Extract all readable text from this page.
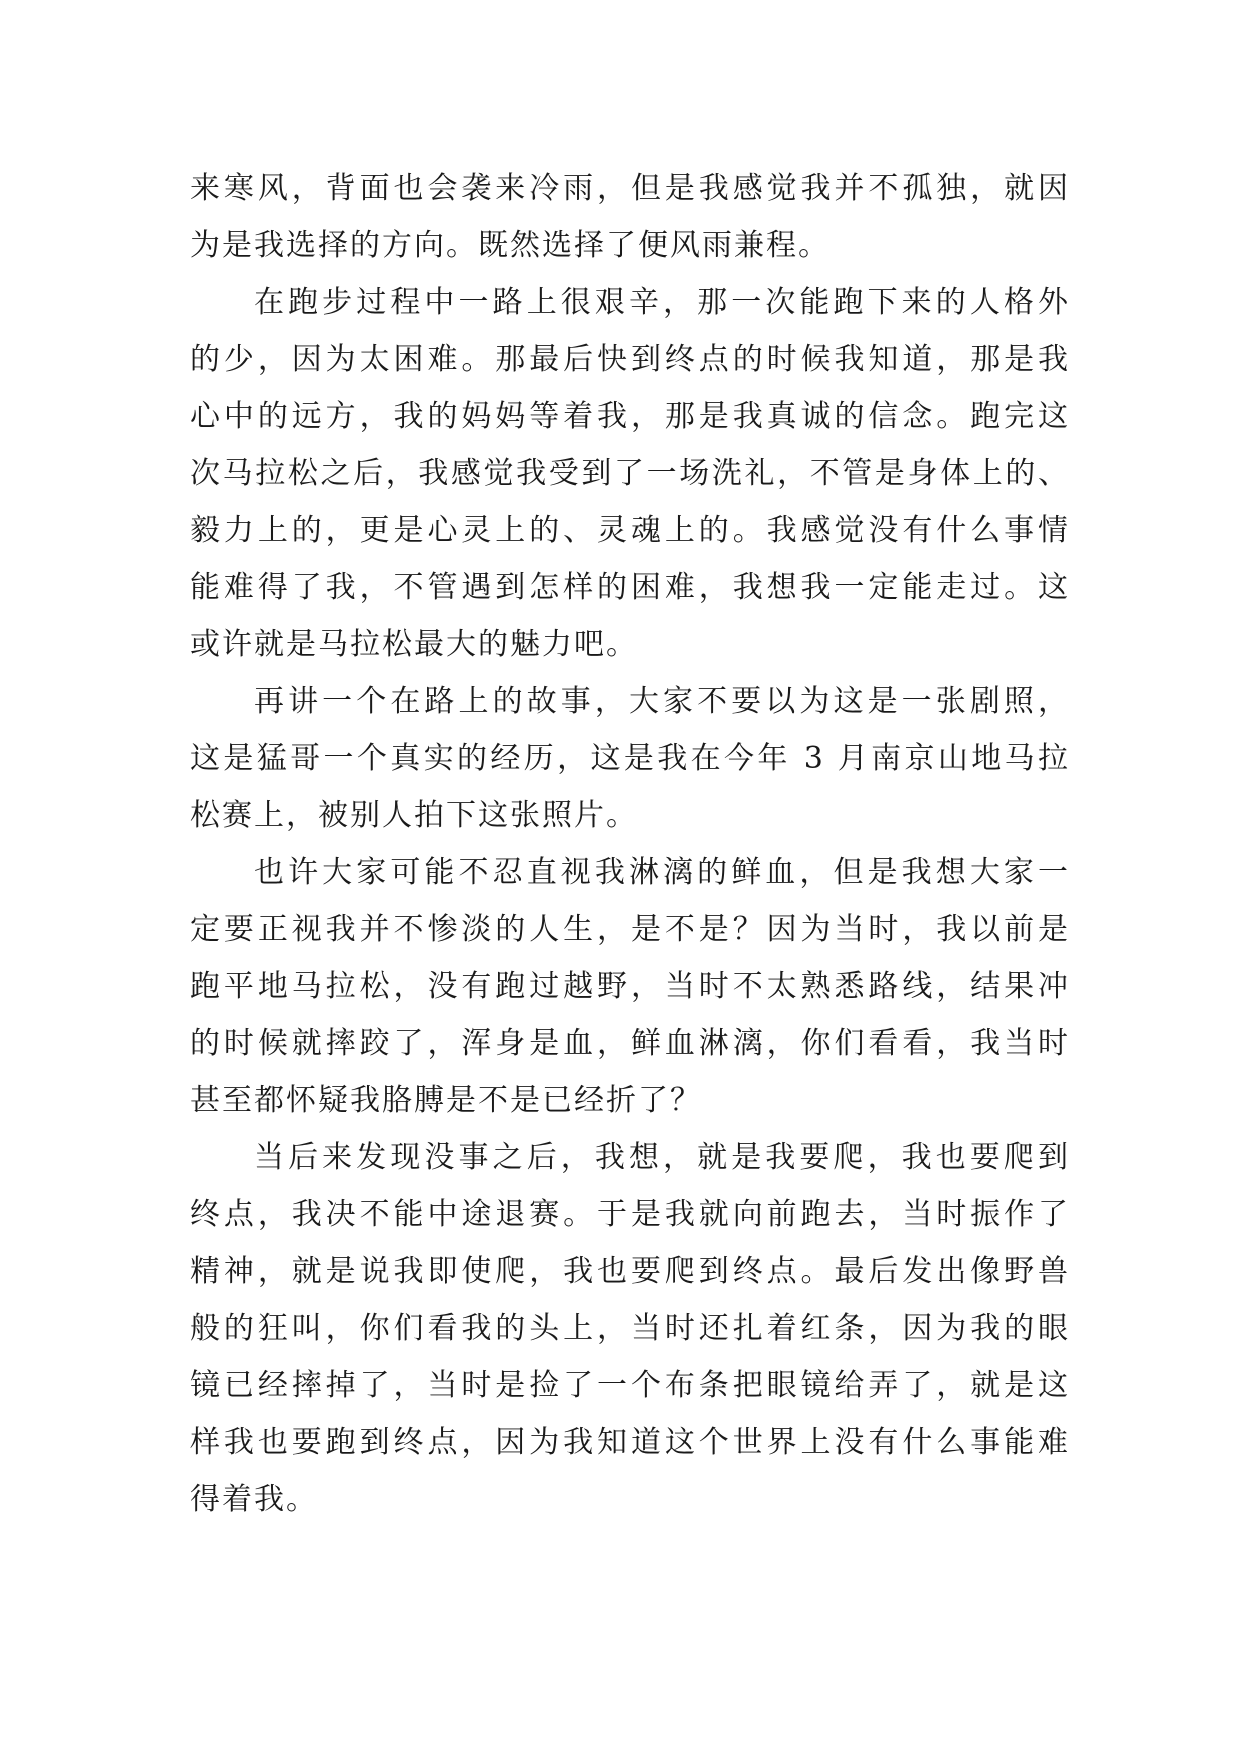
来寒风，背面也会袭来冷雨，但是我感觉我并不孤独，就因
为是我选择的方向。既然选择了便风雨兼程。

在跑步过程中一路上很艰辛，那一次能跑下来的人格外
的少，因为太困难。那最后快到终点的时候我知道，那是我
心中的远方，我的妈妈等着我，那是我真诚的信念。跑完这
次马拉松之后，我感觉我受到了一场洗礼，不管是身体上的、
毅力上的，更是心灵上的、灵魂上的。我感觉没有什么事情
能难得了我，不管遇到怎样的困难，我想我一定能走过。这
或许就是马拉松最大的魅力吧。

再讲一个在路上的故事，大家不要以为这是一张剧照，
这是猛哥一个真实的经历，这是我在今年 3 月南京山地马拉
松赛上，被别人拍下这张照片。

也许大家可能不忍直视我淋漓的鲜血，但是我想大家一
定要正视我并不惨淡的人生，是不是？因为当时，我以前是
跑平地马拉松，没有跑过越野，当时不太熟悉路线，结果冲
的时候就摔跤了，浑身是血，鲜血淋漓，你们看看，我当时
甚至都怀疑我胳膊是不是已经折了？

当后来发现没事之后，我想，就是我要爬，我也要爬到
终点，我决不能中途退赛。于是我就向前跑去，当时振作了
精神，就是说我即使爬，我也要爬到终点。最后发出像野兽
般的狂叫，你们看我的头上，当时还扎着红条，因为我的眼
镜已经摔掉了，当时是捡了一个布条把眼镜给弄了，就是这
样我也要跑到终点，因为我知道这个世界上没有什么事能难
得着我。
